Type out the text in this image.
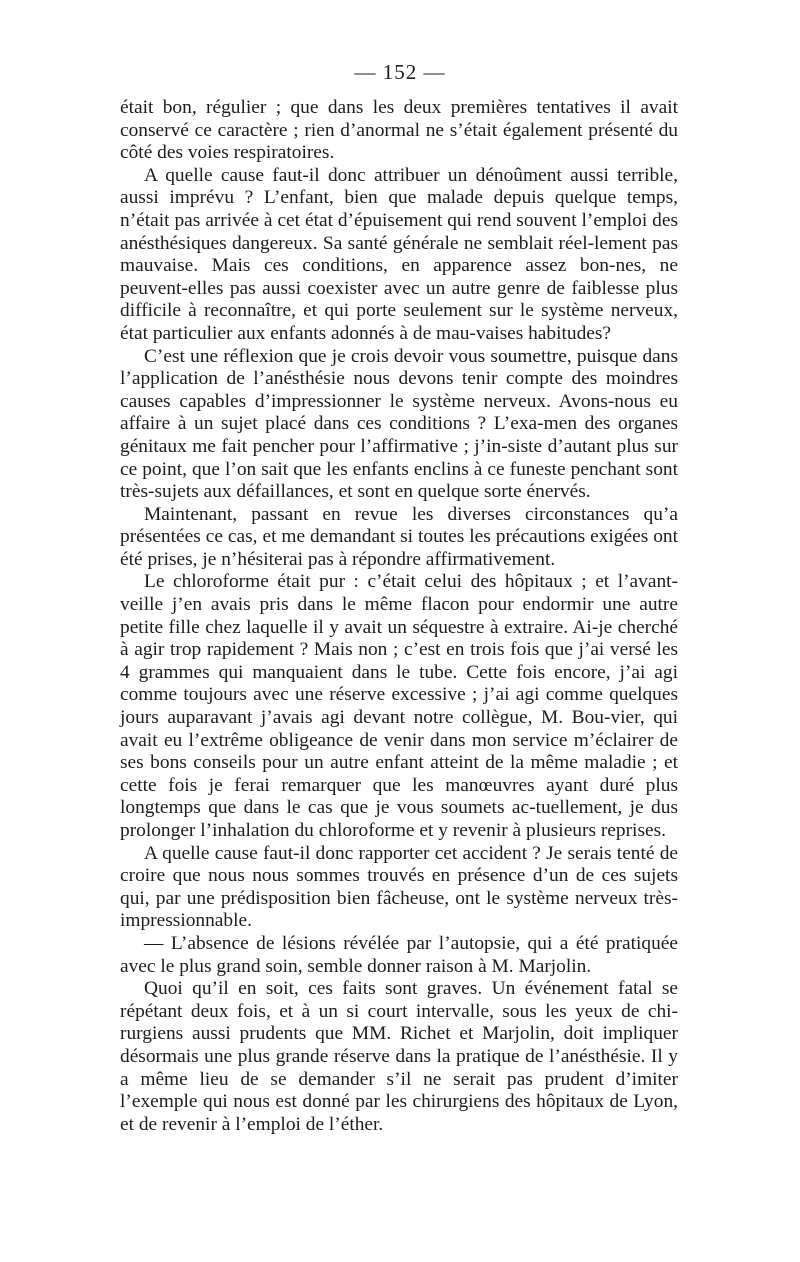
— 152 —

était bon, régulier ; que dans les deux premières tentatives il avait conservé ce caractère ; rien d’anormal ne s’était également présenté du côté des voies respiratoires.

A quelle cause faut-il donc attribuer un dénoûment aussi terrible, aussi imprévu ? L’enfant, bien que malade depuis quelque temps, n’était pas arrivée à cet état d’épuisement qui rend souvent l’emploi des anésthésiques dangereux. Sa santé générale ne semblait réel-lement pas mauvaise. Mais ces conditions, en apparence assez bon-nes, ne peuvent-elles pas aussi coexister avec un autre genre de faiblesse plus difficile à reconnaître, et qui porte seulement sur le système nerveux, état particulier aux enfants adonnés à de mau-vaises habitudes?

C’est une réflexion que je crois devoir vous soumettre, puisque dans l’application de l’anésthésie nous devons tenir compte des moindres causes capables d’impressionner le système nerveux. Avons-nous eu affaire à un sujet placé dans ces conditions ? L’exa-men des organes génitaux me fait pencher pour l’affirmative ; j’in-siste d’autant plus sur ce point, que l’on sait que les enfants enclins à ce funeste penchant sont très-sujets aux défaillances, et sont en quelque sorte énervés.

Maintenant, passant en revue les diverses circonstances qu’a présentées ce cas, et me demandant si toutes les précautions exigées ont été prises, je n’hésiterai pas à répondre affirmativement.

Le chloroforme était pur : c’était celui des hôpitaux ; et l’avant-veille j’en avais pris dans le même flacon pour endormir une autre petite fille chez laquelle il y avait un séquestre à extraire. Ai-je cherché à agir trop rapidement ? Mais non ; c’est en trois fois que j’ai versé les 4 grammes qui manquaient dans le tube. Cette fois encore, j’ai agi comme toujours avec une réserve excessive ; j’ai agi comme quelques jours auparavant j’avais agi devant notre collègue, M. Bou-vier, qui avait eu l’extrême obligeance de venir dans mon service m’éclairer de ses bons conseils pour un autre enfant atteint de la même maladie ; et cette fois je ferai remarquer que les manœuvres ayant duré plus longtemps que dans le cas que je vous soumets ac-tuellement, je dus prolonger l’inhalation du chloroforme et y revenir à plusieurs reprises.

A quelle cause faut-il donc rapporter cet accident ? Je serais tenté de croire que nous nous sommes trouvés en présence d’un de ces sujets qui, par une prédisposition bien fâcheuse, ont le système nerveux très-impressionnable.

— L’absence de lésions révélée par l’autopsie, qui a été pratiquée avec le plus grand soin, semble donner raison à M. Marjolin.

Quoi qu’il en soit, ces faits sont graves. Un événement fatal se répétant deux fois, et à un si court intervalle, sous les yeux de chi-rurgiens aussi prudents que MM. Richet et Marjolin, doit impliquer désormais une plus grande réserve dans la pratique de l’anésthésie. Il y a même lieu de se demander s’il ne serait pas prudent d’imiter l’exemple qui nous est donné par les chirurgiens des hôpitaux de Lyon, et de revenir à l’emploi de l’éther.
